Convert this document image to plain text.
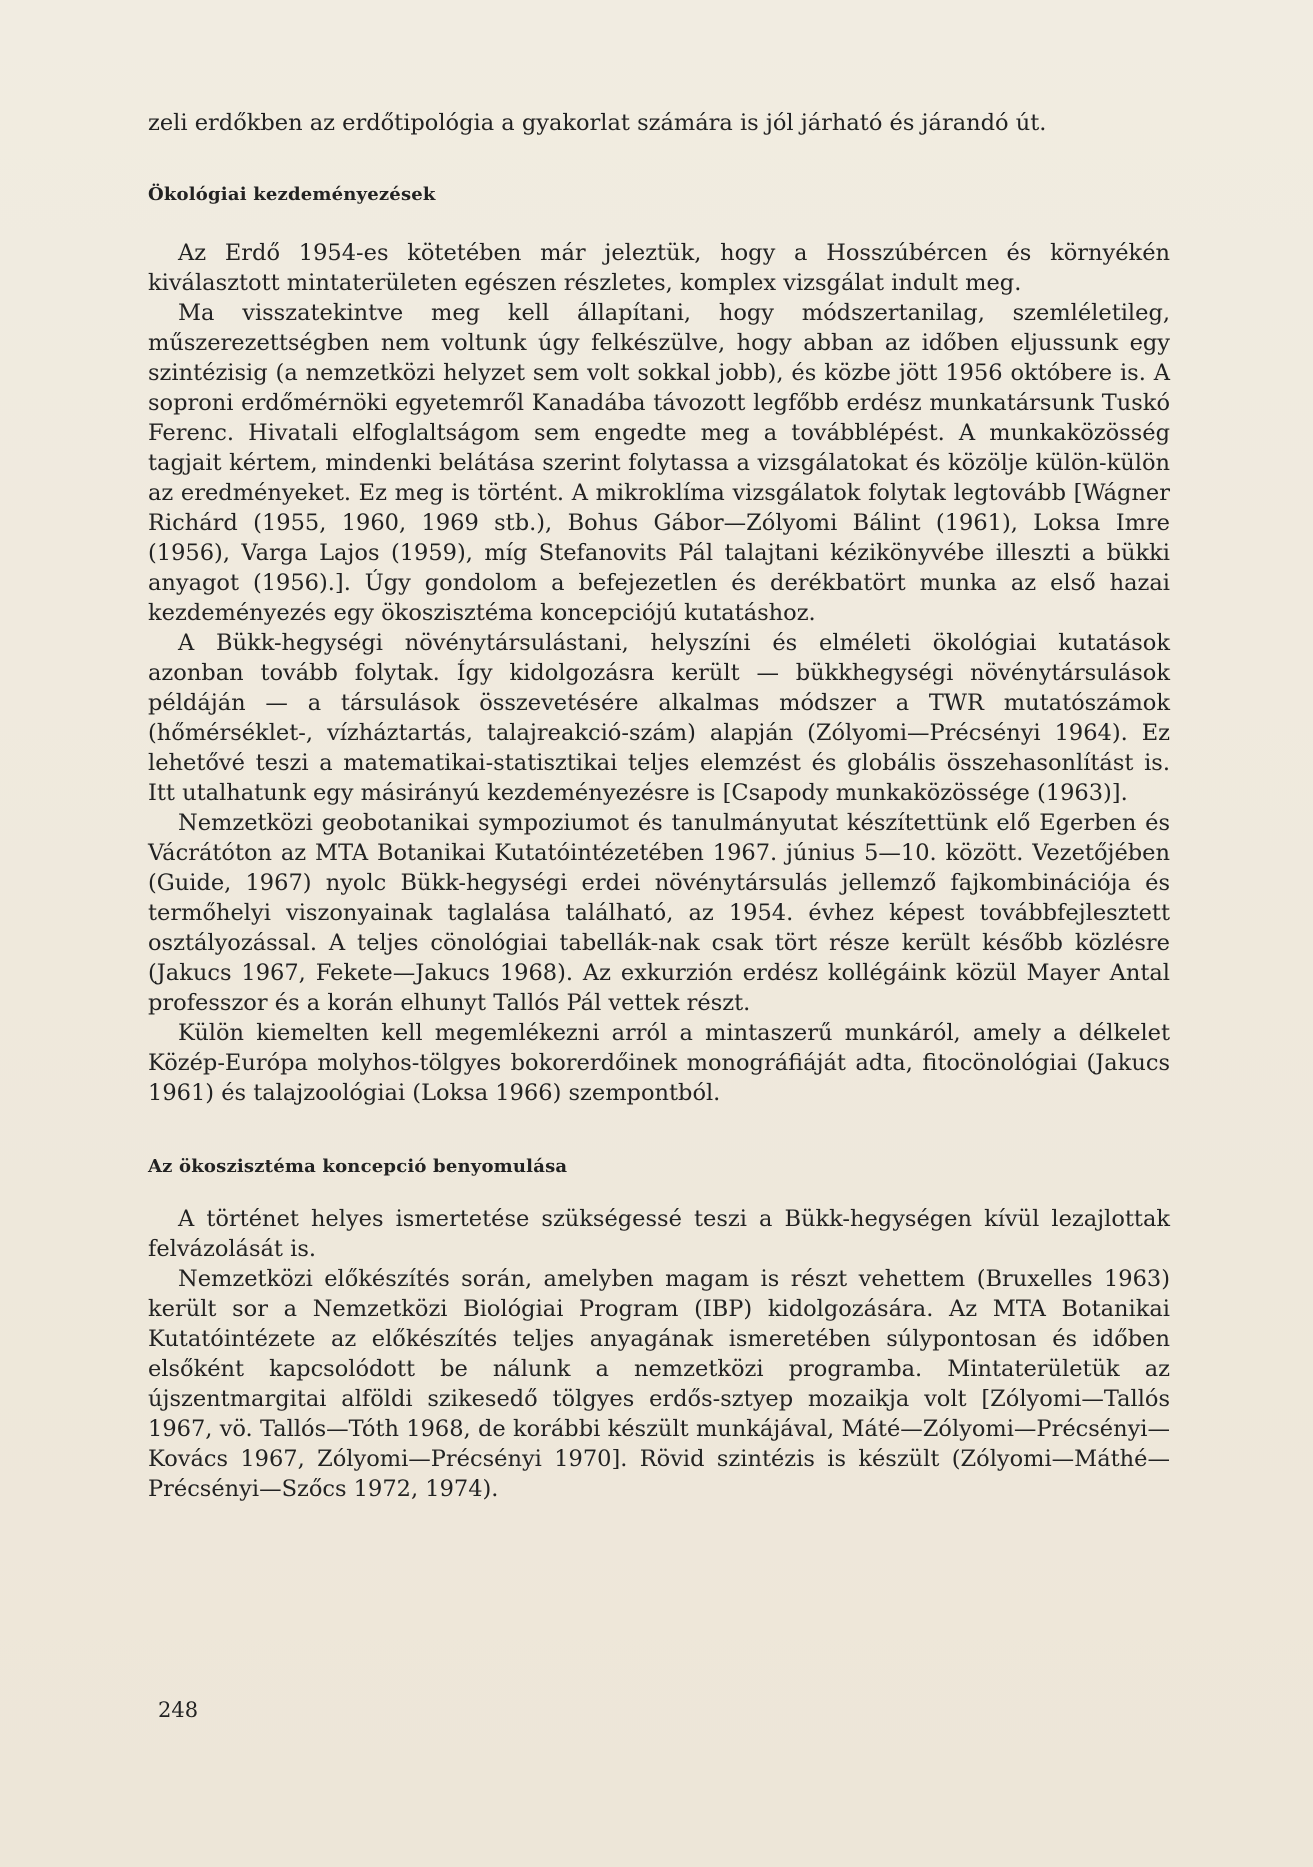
zeli erdőkben az erdőtipológia a gyakorlat számára is jól járható és járandó út.

Ökológiai kezdeményezések

Az Erdő 1954-es kötetében már jeleztük, hogy a Hosszúbércen és környékén kiválasztott mintaterületen egészen részletes, komplex vizsgálat indult meg.

Ma visszatekintve meg kell állapítani, hogy módszertanilag, szemléletileg, műszerezettségben nem voltunk úgy felkészülve, hogy abban az időben eljussunk egy szintézisig (a nemzetközi helyzet sem volt sokkal jobb), és közbe jött 1956 októbere is. A soproni erdőmérnöki egyetemről Kanadába távozott legfőbb erdész munkatársunk Tuskó Ferenc. Hivatali elfoglaltságom sem engedte meg a továbblépést. A munkaközösség tagjait kértem, mindenki belátása szerint folytassa a vizsgálatokat és közölje külön-külön az eredményeket. Ez meg is történt. A mikroklíma vizsgálatok folytak legtovább [Wágner Richárd (1955, 1960, 1969 stb.), Bohus Gábor—Zólyomi Bálint (1961), Loksa Imre (1956), Varga Lajos (1959), míg Stefanovits Pál talajtani kézikönyvébe illeszti a bükki anyagot (1956).]. Úgy gondolom a befejezetlen és derékbatört munka az első hazai kezdeményezés egy ökoszisztéma koncepciójú kutatáshoz.

A Bükk-hegységi növénytársulástani, helyszíni és elméleti ökológiai kutatások azonban tovább folytak. Így kidolgozásra került — bükkhegységi növénytársulások példáján — a társulások összevetésére alkalmas módszer a TWR mutatószámok (hőmérséklet-, vízháztartás, talajreakció-szám) alapján (Zólyomi—Précsényi 1964). Ez lehetővé teszi a matematikai-statisztikai teljes elemzést és globális összehasonlítást is. Itt utalhatunk egy másirányú kezdeményezésre is [Csapody munkaközössége (1963)].

Nemzetközi geobotanikai sympoziumot és tanulmányutat készítettünk elő Egerben és Vácrátóton az MTA Botanikai Kutatóintézetében 1967. június 5—10. között. Vezetőjében (Guide, 1967) nyolc Bükk-hegységi erdei növénytársulás jellemző fajkombinációja és termőhelyi viszonyainak taglalása található, az 1954. évhez képest továbbfejlesztett osztályozással. A teljes cönológiai tabellák-nak csak tört része került később közlésre (Jakucs 1967, Fekete—Jakucs 1968). Az exkurzión erdész kollégáink közül Mayer Antal professzor és a korán elhunyt Tallós Pál vettek részt.

Külön kiemelten kell megemlékezni arról a mintaszerű munkáról, amely a délkelet Közép-Európa molyhos-tölgyes bokorerdőinek monográfiáját adta, fitocönológiai (Jakucs 1961) és talajzoológiai (Loksa 1966) szempontból.

Az ökoszisztéma koncepció benyomulása

A történet helyes ismertetése szükségessé teszi a Bükk-hegységen kívül lezajlottak felvázolását is.

Nemzetközi előkészítés során, amelyben magam is részt vehettem (Bruxelles 1963) került sor a Nemzetközi Biológiai Program (IBP) kidolgozására. Az MTA Botanikai Kutatóintézete az előkészítés teljes anyagának ismeretében súlypontosan és időben elsőként kapcsolódott be nálunk a nemzetközi programba. Mintaterületük az újszentmargitai alföldi szikesedő tölgyes erdős-sztyep mozaikja volt [Zólyomi—Tallós 1967, vö. Tallós—Tóth 1968, de korábbi készült munkájával, Máté—Zólyomi—Précsényi—Kovács 1967, Zólyomi—Précsényi 1970]. Rövid szintézis is készült (Zólyomi—Máthé—Précsényi—Szőcs 1972, 1974).

248
